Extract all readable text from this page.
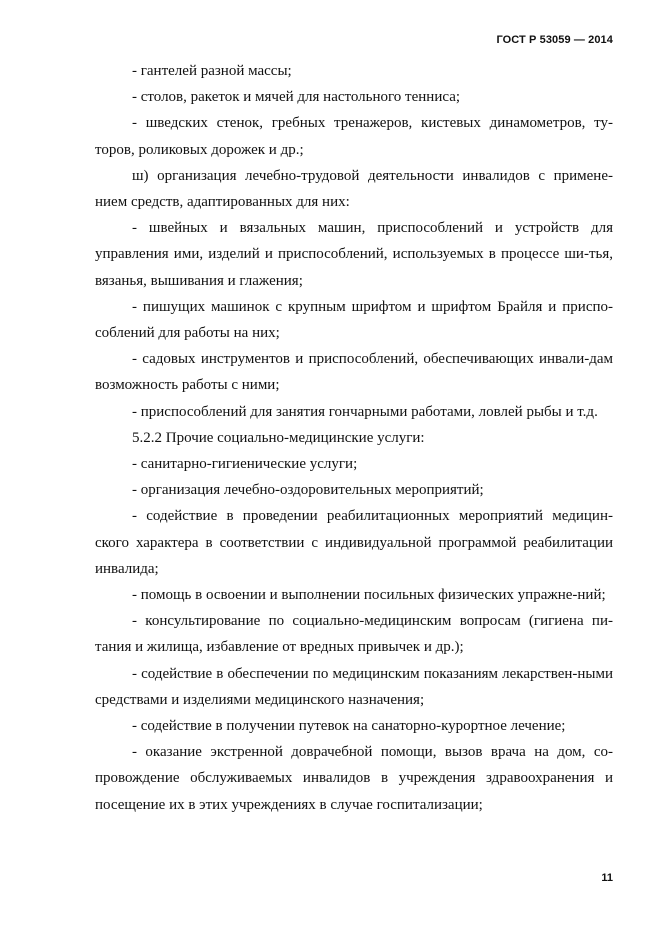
ГОСТ Р 53059 — 2014

- гантелей разной массы;

- столов, ракеток и мячей для настольного тенниса;

- шведских стенок, гребных тренажеров, кистевых динамометров, ту-торов, роликовых дорожек и др.;

ш) организация лечебно-трудовой деятельности инвалидов с примене-нием средств, адаптированных для них:

- швейных и вязальных машин, приспособлений и устройств для управления ими, изделий и приспособлений, используемых в процессе ши-тья, вязанья, вышивания и глажения;

- пишущих машинок с крупным шрифтом и шрифтом Брайля и приспо-соблений для работы на них;

- садовых инструментов и приспособлений, обеспечивающих инвали-дам возможность работы с ними;

- приспособлений для занятия гончарными работами, ловлей рыбы и т.д.

5.2.2 Прочие социально-медицинские услуги:

- санитарно-гигиенические услуги;

- организация лечебно-оздоровительных мероприятий;

- содействие в проведении реабилитационных мероприятий медицин-ского характера в соответствии с индивидуальной программой реабилитации инвалида;

- помощь в освоении и выполнении посильных физических упражне-ний;

- консультирование по социально-медицинским вопросам (гигиена пи-тания и жилища, избавление от вредных привычек и др.);

- содействие в обеспечении по медицинским показаниям лекарствен-ными средствами и изделиями медицинского назначения;

- содействие в получении путевок на санаторно-курортное лечение;

- оказание экстренной доврачебной помощи, вызов врача на дом, со-провождение обслуживаемых инвалидов в учреждения здравоохранения и посещение их в этих учреждениях в случае госпитализации;

11
